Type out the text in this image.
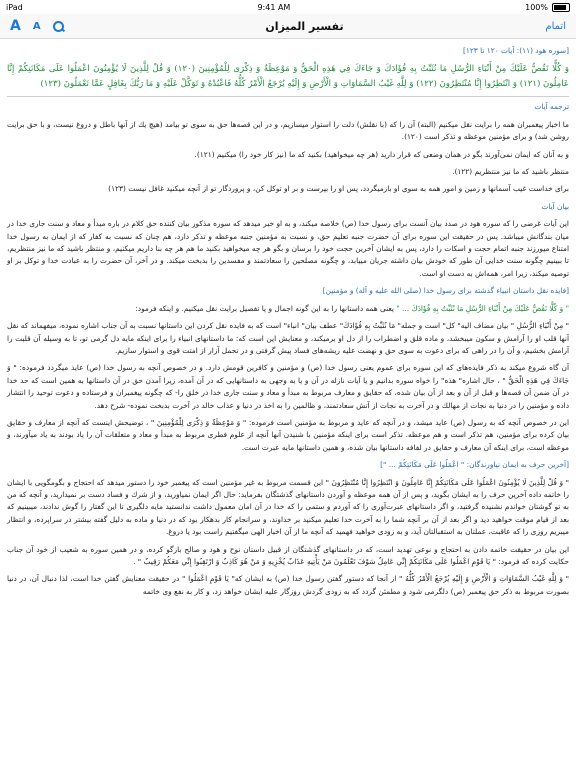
iPad	9:41 AM	100%
A A	تفسیر المیزان	اتمام

[سوره هود (۱۱): آیات ۱۲۰ تا ۱۲۳]

وَ كُلًّا نَقُصُّ عَلَيْكَ مِنْ أَنْبَاءِ الرُّسُلِ مَا نُثَبِّتُ بِهِ فُؤَادَكَ وَ جَاءَكَ فِي هَذِهِ الْحَقُّ وَ مَوْعِظَةٌ وَ ذِكْرَى لِلْمُؤْمِنِينَ (۱۲۰) وَ قُلْ لِلَّذِينَ لَا يُؤْمِنُونَ اعْمَلُوا عَلَى مَكَانَتِكُمْ إِنَّا عَامِلُونَ (۱۲۱) وَ انْتَظِرُوا إِنَّا مُنْتَظِرُونَ (۱۲۲) وَ لِلَّهِ غَيْبُ السَّمَاوَاتِ وَ الْأَرْضِ وَ إِلَيْهِ يُرْجَعُ الْأَمْرُ كُلُّهُ فَاعْبُدْهُ وَ تَوَكَّلْ عَلَيْهِ وَ مَا رَبُّكَ بِغَافِلٍ عَمَّا تَعْمَلُونَ (۱۲۳)

ترجمه آيات

ما اخبار پیغمبران همه را برايت نقل ميكنيم (البته) آن را كه (با نقلش) دلت را استوار ميسازيم، و در اين قصه‌ها حق به سوى تو بيامد (هيچ يك از آنها باطل و دروغ نيست، و با حق برايت روشن شد) و براى مؤمنين موعظه و تذكر است (۱۲۰).

و به آنان كه ايمان نمى‌آورند بگو در همان وضعى كه قرار داريد (هر چه ميخواهيد) بكنيد كه ما (نيز كار خود را) ميكنيم (۱۲۱).

منتظر باشيد كه ما نيز منتظريم (۱۲۲).

براى خداست غيب آسمانها و زمين و امور همه به سوى او بازميگردد، پس او را بپرست و بر او توكل كن، و پروردگار تو از آنچه ميكنيد غافل نيست (۱۲۳)

بيان آيات

اين آيات غرضى را كه سوره هود در صدد بيان آنست براى رسول خدا (ص) خلاصه ميكند، و به او خبر ميدهد كه سوره مذكور بيان كننده حق كلام در باره مبدأ و معاد و سنت جارى خدا در ميان بندگانش ميباشد. پس در حقيقت اين سوره براى آن حضرت جنبه تعليم حق، و نسبت به مؤمنين جنبه موعظه و تذكر دارد، هم چنان كه نسبت به كفار كه از ايمان به رسول خدا امتناع ميورزند جنبه اتمام حجت و اسكات را دارد، پس به ايشان آخرين حجت خود را برسان و بگو هر چه ميخواهيد بكنيد ما هم هر چه بنا داريم ميكنيم، و منتظر باشيد كه ما نيز منتظريم، تا ببينيم چگونه سنت خدايى آن طور كه خودش بيان داشته جريان مييابد، و چگونه مصلحين را سعادتمند و مفسدين را بدبخت ميكند. و در آخر، آن حضرت را به عبادت خدا و توكل بر او توصيه ميكند، زيرا امر، همه‌اش به دست او است.

[فايده نقل داستان انبياء گذشته براى رسول خدا (صلى الله عليه و آله) و مؤمنين]

" وَ كُلًّا نَقُصُّ عَلَيْكَ مِنْ أَنْبَاءِ الرُّسُلِ مَا نُثَبِّتُ بِهِ فُؤَادَكَ ... " يعنى همه داستانها را به اين گونه اجمال و يا تفصيل برايت نقل ميكنيم. و اينكه فرمود:

" مِنْ أَنْبَاءِ الرُّسُلِ " بيان مضاف اليه" كل" است و جمله" مَا نُثَبِّتُ بِهِ فُؤَادَكَ" عطف بيان" انباء" است كه به فايده نقل كردن اين داستانها نسبت به آن جناب اشاره نموده، ميفهماند كه نقل آنها قلب او را آرامش و سكون ميبخشد، و ماده قلق و اضطراب را از دل او برميكند، و معنايش اين است كه: ما داستانهاى انبياء را براى اينكه مايه دل گرمى تو، تا به وسيله آن قلبت را آرامش بخشيم، و آن را در راهى كه براى دعوت به سوى حق و نهضت عليه ريشه‌هاى فساد پيش گرفتى و در تحمل آزار از امتت قوى و استوار سازيم.

آن گاه شروع ميكند به ذكر فايده‌هاى كه اين سوره براى عموم يعنى رسول خدا (ص) و مؤمنين و كافرين قومش دارد. و در خصوص آنچه به رسول خدا (ص) عايد ميگردد فرموده: " وَ جَاءَكَ فِي هَذِهِ الْحَقُّ " ، حال اشاره" هذه" را خواه سوره بدانيم و يا آيات نازله در آن و يا به وجهى به داستانهايى كه در آن آمده، زيرا آمدن حق در آن داستانها به همين است كه حد خدا در آن ضمن آن قصه‌ها و قبل از آن و بعد از آن بيان شده، كه حقايق و معارف مربوط به مبدأ و معاد و سنت جارى خدا در خلق را- كه چگونه پيغمبران و فرستاده و دعوت توحيد را انتشار داده و مؤمنين را در دنيا به نجات از مهالك و در آخرت به نجات از آتش سعادتمند، و ظالمين را به اخذ در دنيا و عذاب خالد در آخرت بدبخت نموده- شرح دهد.

اين در خصوص آنچه كه به رسول (ص) عايد ميشد، و در آنچه كه عايد و مربوط به مؤمنين است فرموده: " وَ مَوْعِظَةٌ وَ ذِكْرَى لِلْمُؤْمِنِينَ " ، توضيحش اينست كه آنچه از معارف و حقايق بيان كرده براى مؤمنين، هم تذكر است و هم موعظه. تذكر است براى اينكه مؤمنين با شنيدن آنها آنچه از علوم فطرى مربوط به مبدأ و معاد و متعلقات آن را ياد بودند به ياد ميآورند، و موعظه است، براى اينكه آن معارف و حقايق در لفافه داستانها بيان شده، و همين داستانها مايه عبرت است.

[آخرين حرف به ايمان نياورندگان: " اعْمَلُوا عَلَى مَكَانَتِكُمْ ... "]

" وَ قُلْ لِلَّذِينَ لَا يُؤْمِنُونَ اعْمَلُوا عَلَى مَكَانَتِكُمْ إِنَّا عَامِلُونَ وَ انْتَظِرُوا إِنَّا مُنْتَظِرُونَ " اين قسمت مربوط به غير مؤمنين است كه پيغمبر خود را دستور ميدهد كه احتجاج و بگومگويى با ايشان را خاتمه داده آخرين حرف را به ايشان بگويد، و پس از آن همه موعظه و آوردن داستانهاى گذشتگان بفرمايد: حال اگر ايمان نمياوريد، و از شرك و فساد دست بر نميداريد، و آنچه كه من به تو گوشتان خواندم نشنيده گرفتيد، و اگر داستانهاى عبرت‌آورى را كه آوردم و ستمى را كه خدا در آن امان معمول داشت ندانستيد مايه دلگيرى تا اين گفتار را گوش ندادند، ميبينيم كه بعد از قيام موقت خواهيد ديد و اگر بعد از آن بر آنچه شما را به آخرت خدا تعليم ميكنيد بر خداوند، و سرانجام كار بدهكار بود كه در دنيا و ماده به دليل گفته بيشتر در سراپرده، و انتظار ميبريم روزى را كه عاقبت، عملتان به استقبالتان آيد، و به زودى خواهيد فهميد كه آنچه ما از آن اخبار الهى ميگفتيم راست بود يا دروغ.

اين بيان در حقيقت خاتمه دادن به احتجاج و نوعى تهديد است، كه در داستانهاى گذشتگان از قبيل داستان نوح و هود و صالح بازگو كرده، و در همين سوره به شعيب از خود آن جناب حكايت كرده كه فرمود: " يَا قَوْمِ اعْمَلُوا عَلَى مَكَانَتِكُمْ إِنِّي عَامِلٌ سَوْفَ تَعْلَمُونَ مَنْ يَأْتِيهِ عَذَابٌ يُخْزِيهِ وَ مَنْ هُوَ كَاذِبٌ وَ ارْتَقِبُوا إِنِّي مَعَكُمْ رَقِيبٌ " .

" وَ لِلَّهِ غَيْبُ السَّمَاوَاتِ وَ الْأَرْضِ وَ إِلَيْهِ يُرْجَعُ الْأَمْرُ كُلُّهُ " از آنجا كه دستور گفتن رسول خدا (ص) به ايشان كه" يَا قَوْمِ اعْمَلُوا " در حقيقت معنايش گفتن خدا است، لذا دنبال آن، در دنيا بصورت مربوط به ذكر حق پيغمبر (ص) دلگرمى شود و مطمئن گردد كه به زودى گردش روزگار عليه ايشان خواهد زد، و كار به نفع وى خاتمه
